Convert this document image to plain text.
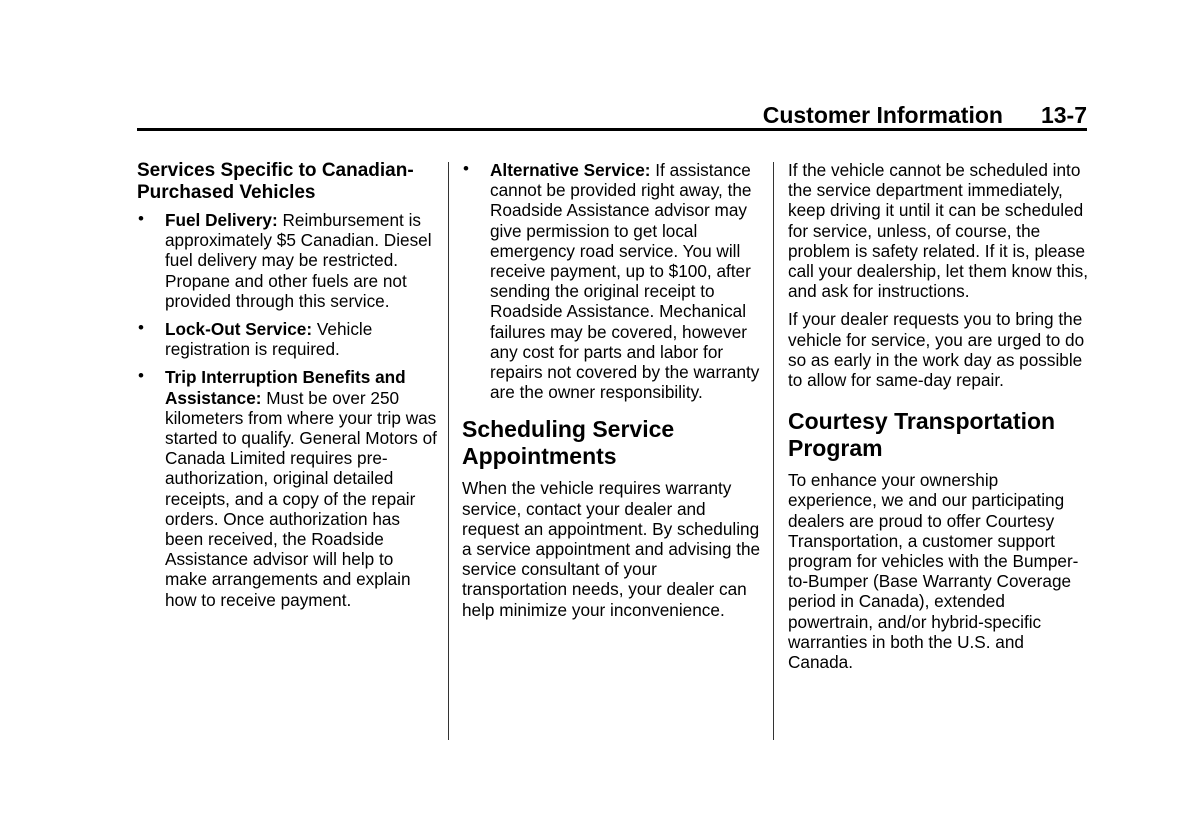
Customer Information 13-7
Services Specific to Canadian-Purchased Vehicles
• Fuel Delivery: Reimbursement is approximately $5 Canadian. Diesel fuel delivery may be restricted. Propane and other fuels are not provided through this service.
• Lock-Out Service: Vehicle registration is required.
• Trip Interruption Benefits and Assistance: Must be over 250 kilometers from where your trip was started to qualify. General Motors of Canada Limited requires pre-authorization, original detailed receipts, and a copy of the repair orders. Once authorization has been received, the Roadside Assistance advisor will help to make arrangements and explain how to receive payment.
• Alternative Service: If assistance cannot be provided right away, the Roadside Assistance advisor may give permission to get local emergency road service. You will receive payment, up to $100, after sending the original receipt to Roadside Assistance. Mechanical failures may be covered, however any cost for parts and labor for repairs not covered by the warranty are the owner responsibility.
Scheduling Service Appointments

When the vehicle requires warranty service, contact your dealer and request an appointment. By scheduling a service appointment and advising the service consultant of your transportation needs, your dealer can help minimize your inconvenience.

If the vehicle cannot be scheduled into the service department immediately, keep driving it until it can be scheduled for service, unless, of course, the problem is safety related. If it is, please call your dealership, let them know this, and ask for instructions.

If your dealer requests you to bring the vehicle for service, you are urged to do so as early in the work day as possible to allow for same-day repair.

Courtesy Transportation Program

To enhance your ownership experience, we and our participating dealers are proud to offer Courtesy Transportation, a customer support program for vehicles with the Bumper-to-Bumper (Base Warranty Coverage period in Canada), extended powertrain, and/or hybrid-specific warranties in both the U.S. and Canada.
